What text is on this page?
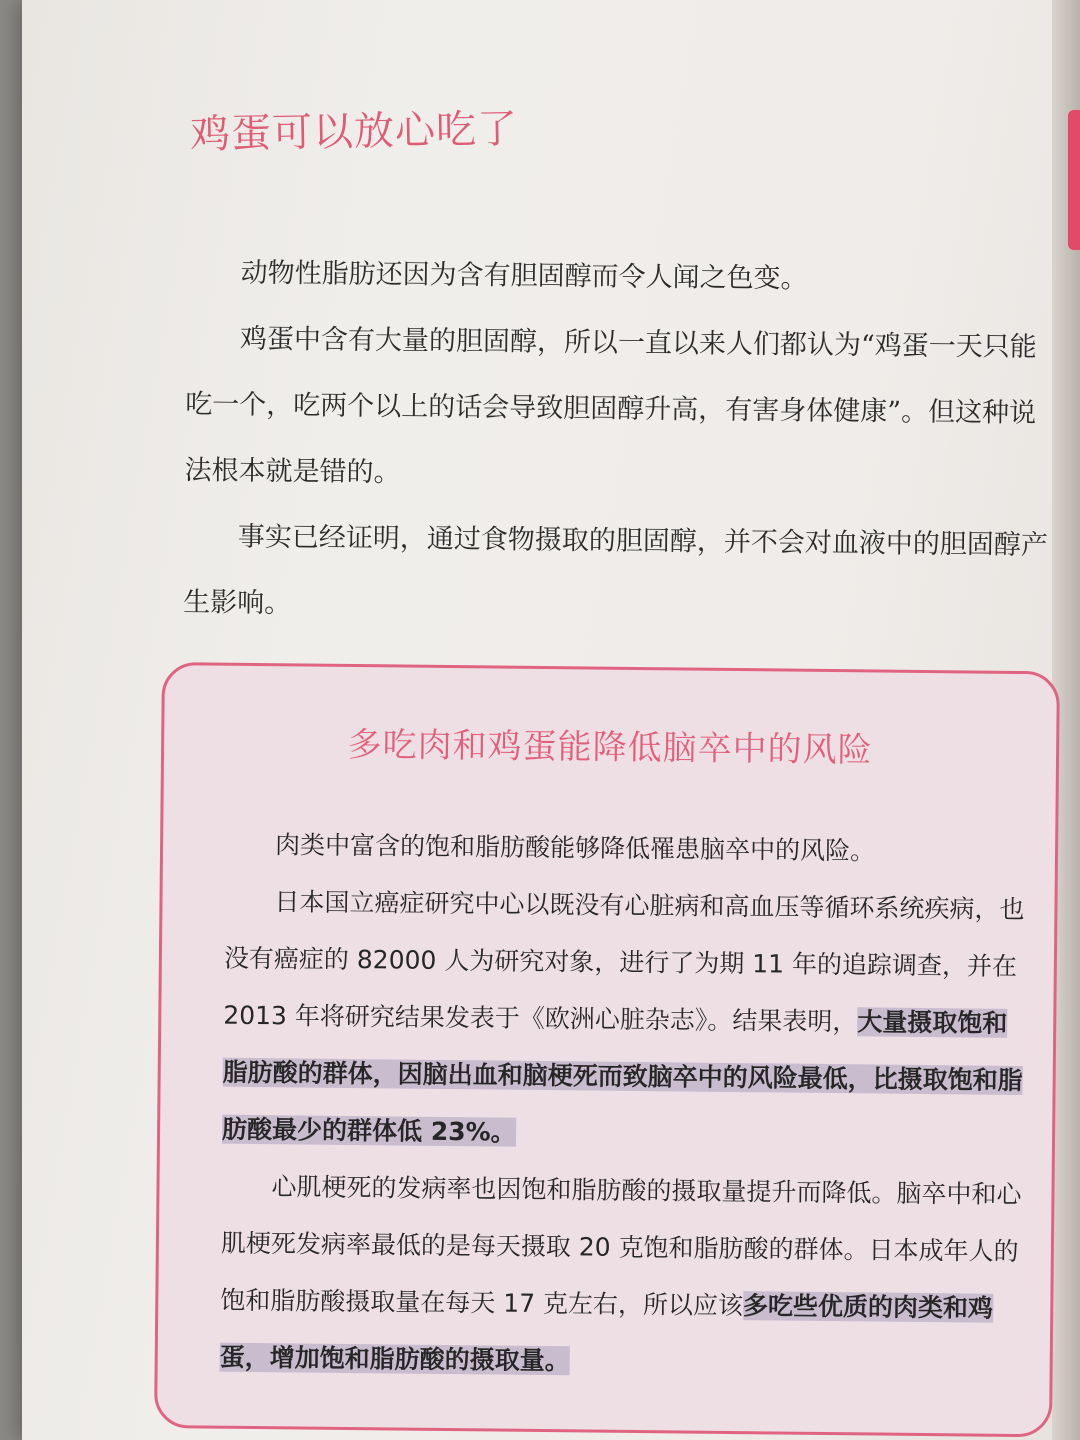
鸡蛋可以放心吃了

动物性脂肪还因为含有胆固醇而令人闻之色变。

鸡蛋中含有大量的胆固醇，所以一直以来人们都认为“鸡蛋一天只能吃一个，吃两个以上的话会导致胆固醇升高，有害身体健康”。但这种说法根本就是错的。

事实已经证明，通过食物摄取的胆固醇，并不会对血液中的胆固醇产生影响。

多吃肉和鸡蛋能降低脑卒中的风险

肉类中富含的饱和脂肪酸能够降低罹患脑卒中的风险。

日本国立癌症研究中心以既没有心脏病和高血压等循环系统疾病，也没有癌症的 82000 人为研究对象，进行了为期 11 年的追踪调查，并在 2013 年将研究结果发表于《欧洲心脏杂志》。结果表明，大量摄取饱和脂肪酸的群体，因脑出血和脑梗死而致脑卒中的风险最低，比摄取饱和脂肪酸最少的群体低 23%。

心肌梗死的发病率也因饱和脂肪酸的摄取量提升而降低。脑卒中和心肌梗死发病率最低的是每天摄取 20 克饱和脂肪酸的群体。日本成年人的饱和脂肪酸摄取量在每天 17 克左右，所以应该多吃些优质的肉类和鸡蛋，增加饱和脂肪酸的摄取量。
